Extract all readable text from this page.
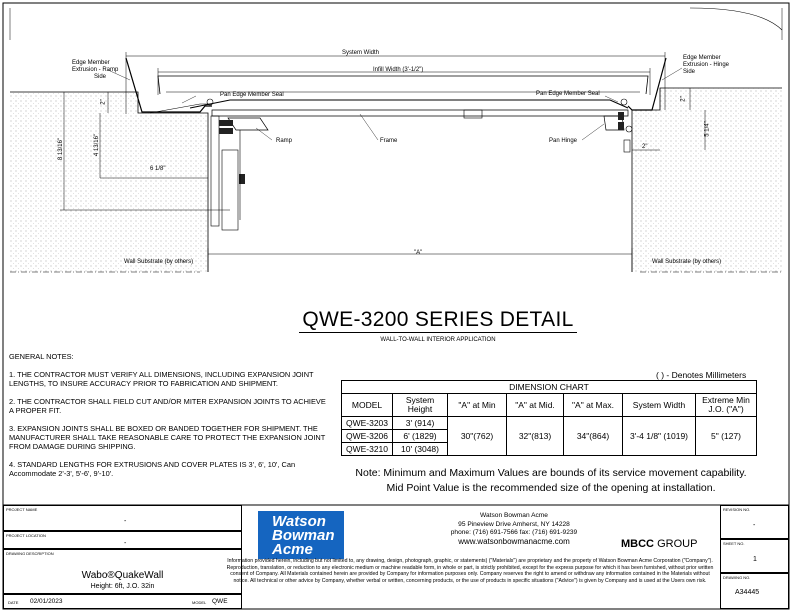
System Width
Infill Width (3'-1/2")
Edge Member
Extrusion - Ramp
Side
Edge Member
Extrusion - Hinge
Side
Pan Edge Member Seal	Pan Edge Member Seal
Ramp	Frame	Pan Hinge
Wall Substrate (by others)	Wall Substrate (by others)
"A"
2"
2"
8 13/16"	4 13/16"
6 1/8"
5 1/4"
2"
QWE-3200 SERIES DETAIL
WALL-TO-WALL INTERIOR APPLICATION

GENERAL NOTES:

1. THE CONTRACTOR MUST VERIFY ALL DIMENSIONS, INCLUDING EXPANSION JOINT LENGTHS, TO INSURE ACCURACY PRIOR TO FABRICATION AND SHIPMENT.

2. THE CONTRACTOR SHALL FIELD CUT AND/OR MITER EXPANSION JOINTS TO ACHIEVE A PROPER FIT.

3. EXPANSION JOINTS SHALL BE BOXED OR BANDED TOGETHER FOR SHIPMENT. THE MANUFACTURER SHALL TAKE REASONABLE CARE TO PROTECT THE EXPANSION JOINT FROM DAMAGE DURING SHIPPING.

4. STANDARD LENGTHS FOR EXTRUSIONS AND COVER PLATES IS 3', 6', 10', Can Accommodate 2'-3', 5'-6', 9'-10'.

( ) - Denotes Millimeters
DIMENSION CHART						
MODEL	System Height	"A" at Min	"A" at Mid.	"A" at Max.	System Width	Extreme Min J.O. ("A")
QWE-3203	3' (914)	30"(762)	32"(813)	34"(864)	3'-4 1/8" (1019)	5" (127)
QWE-3206	6' (1829)					
QWE-3210	10' (3048)					
Note: Minimum and Maximum Values are bounds of its service movement capability.
Mid Point Value is the recommended size of the opening at installation.
PROJECT NAME
-
PROJECT LOCATION
-
DRAWING DESCRIPTION
Wabo®QuakeWall
Height: 6ft, J.O. 32in
DATE 02/01/2023	MODEL QWE
Watson
Bowman
Acme
Watson Bowman Acme
95 Pineview Drive Amherst, NY 14228
phone: (716) 691-7566 fax: (716) 691-9239
www.watsonbowmanacme.com	MBCC GROUP
Information provided herein, including but not limited to, any drawing, design, photograph, graphic, or statements) ("Materials") are proprietary and the property of Watson Bowman Acme Corporation ("Company"). Reproduction, translation, or reduction to any electronic medium or machine readable form, in whole or part, is strictly prohibited, except for the express purpose for which it has been furnished, without prior written consent of Company. All Materials contained herein are provided by Company for information purposes only. Company reserves the right to amend or withdraw any information contained in the Materials without notice. All technical or other advice by Company, whether verbal or written, concerning products, or the use of products in specific situations ("Advice") is given by Company and is used at the Users own risk.
REVISION NO.
-
SHEET NO.
1
DRAWING NO.
A34445
